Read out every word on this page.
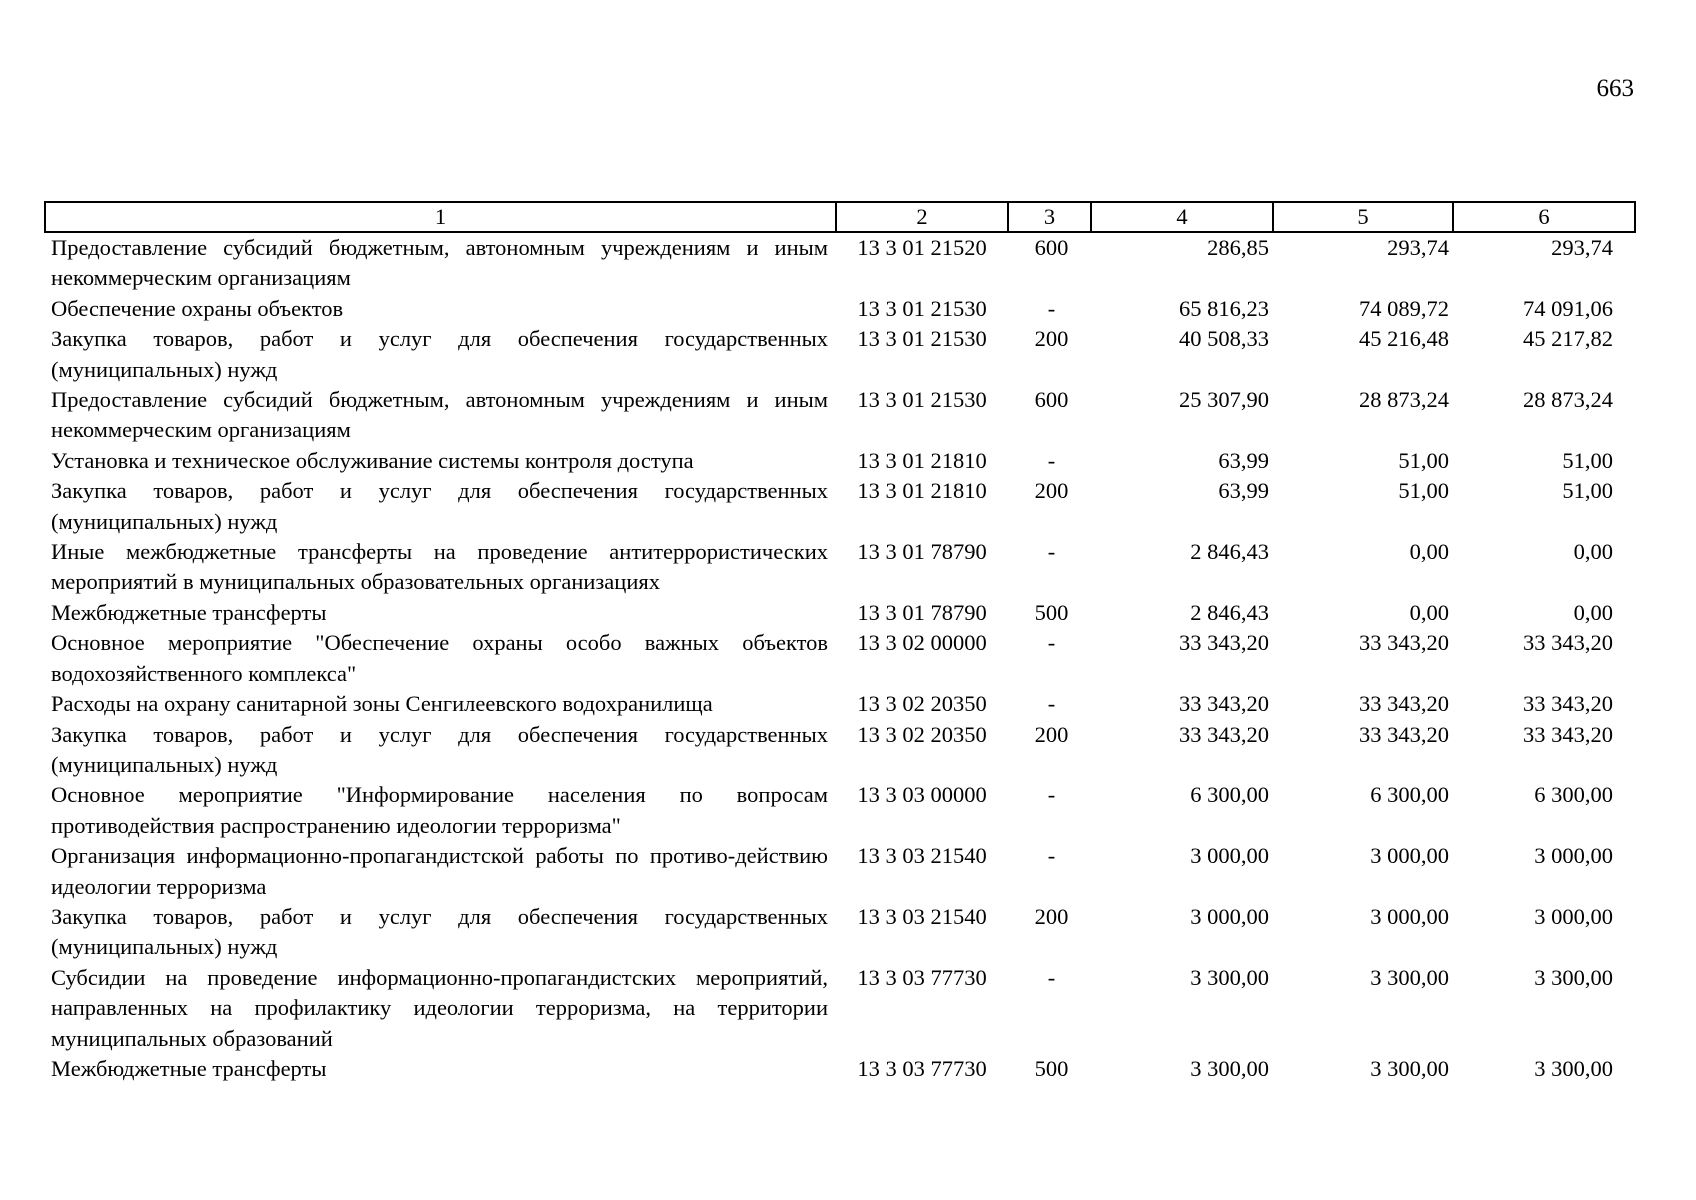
663
1	2	3	4	5	6
Предоставление субсидий бюджетным, автономным учреждениям и иным некоммерческим организациям	13 3 01 21520	600	286,85	293,74	293,74
Обеспечение охраны объектов	13 3 01 21530	-	65 816,23	74 089,72	74 091,06
Закупка товаров, работ и услуг для обеспечения государственных (муниципальных) нужд	13 3 01 21530	200	40 508,33	45 216,48	45 217,82
Предоставление субсидий бюджетным, автономным учреждениям и иным некоммерческим организациям	13 3 01 21530	600	25 307,90	28 873,24	28 873,24
Установка и техническое обслуживание системы контроля доступа	13 3 01 21810	-	63,99	51,00	51,00
Закупка товаров, работ и услуг для обеспечения государственных (муниципальных) нужд	13 3 01 21810	200	63,99	51,00	51,00
Иные межбюджетные трансферты на проведение антитеррористических мероприятий в муниципальных образовательных организациях	13 3 01 78790	-	2 846,43	0,00	0,00
Межбюджетные трансферты	13 3 01 78790	500	2 846,43	0,00	0,00
Основное мероприятие "Обеспечение охраны особо важных объектов водохозяйственного комплекса"	13 3 02 00000	-	33 343,20	33 343,20	33 343,20
Расходы на охрану санитарной зоны Сенгилеевского водохранилища	13 3 02 20350	-	33 343,20	33 343,20	33 343,20
Закупка товаров, работ и услуг для обеспечения государственных (муниципальных) нужд	13 3 02 20350	200	33 343,20	33 343,20	33 343,20
Основное мероприятие "Информирование населения по вопросам противодействия распространению идеологии терроризма"	13 3 03 00000	-	6 300,00	6 300,00	6 300,00
Организация информационно-пропагандистской работы по противо-действию идеологии терроризма	13 3 03 21540	-	3 000,00	3 000,00	3 000,00
Закупка товаров, работ и услуг для обеспечения государственных (муниципальных) нужд	13 3 03 21540	200	3 000,00	3 000,00	3 000,00
Субсидии на проведение информационно-пропагандистских мероприятий, направленных на профилактику идеологии терроризма, на территории муниципальных образований	13 3 03 77730	-	3 300,00	3 300,00	3 300,00
Межбюджетные трансферты	13 3 03 77730	500	3 300,00	3 300,00	3 300,00
